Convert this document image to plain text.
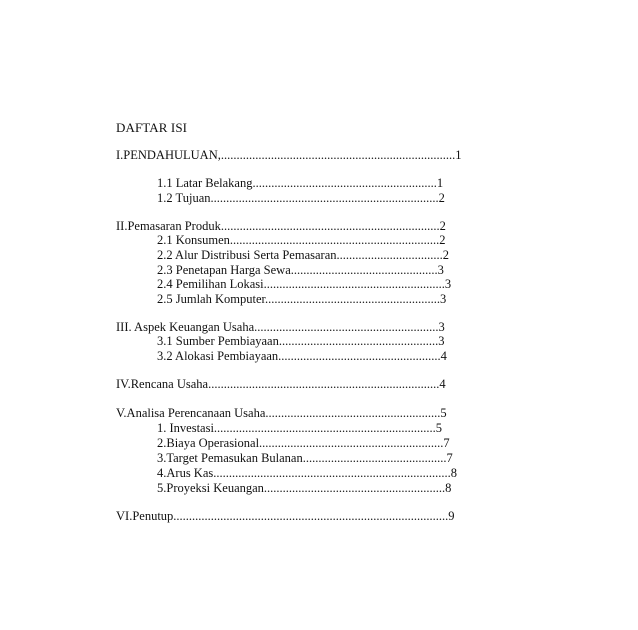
DAFTAR ISI
I.PENDAHULUAN,...........................................................................1
1.1 Latar Belakang...........................................................1
1.2 Tujuan.........................................................................2
II.Pemasaran Produk......................................................................2
2.1 Konsumen...................................................................2
2.2 Alur Distribusi Serta Pemasaran..................................2
2.3 Penetapan Harga Sewa...............................................3
2.4 Pemilihan Lokasi..........................................................3
2.5 Jumlah Komputer........................................................3
III. Aspek Keuangan Usaha...........................................................3
3.1 Sumber Pembiayaan...................................................3
3.2 Alokasi Pembiayaan....................................................4
IV.Rencana Usaha..........................................................................4
V.Analisa Perencanaan Usaha........................................................5
1. Investasi.......................................................................5
2.Biaya Operasional...........................................................7
3.Target Pemasukan Bulanan..............................................7
4.Arus Kas............................................................................8
5.Proyeksi Keuangan..........................................................8
VI.Penutup........................................................................................9
